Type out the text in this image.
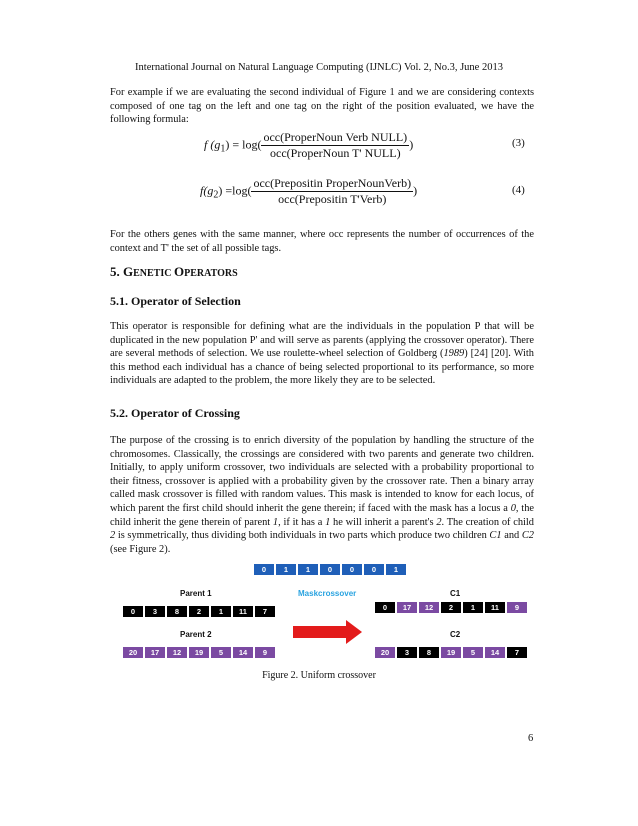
International Journal on Natural Language Computing (IJNLC) Vol. 2, No.3, June 2013

For example if we are evaluating the second individual of Figure 1 and we are considering contexts composed of one tag on the left and one tag on the right of the position evaluated, we have the following formula:

f $(g_1) = \log( \frac{\text{occ(ProperNoun Verb NULL)}}{\text{occ(ProperNoun T' NULL)}}$ )	(3)
$f(g_2) =\log( \frac{\text{occ(Prepositin ProperNounVerb)}}{\text{occ(Prepositin T'Verb)}}$ )	(4)

For the others genes with the same manner, where occ represents the number of occurrences of the context and T' the set of all possible tags.

5. GENETIC OPERATORS
5.1. Operator of Selection

This operator is responsible for defining what are the individuals in the population P that will be duplicated in the new population P' and will serve as parents (applying the crossover operator). There are several methods of selection. We use roulette-wheel selection of Goldberg (1989) [24] [20]. With this method each individual has a chance of being selected proportional to its performance, so more individuals are adapted to the problem, the more likely they are to be selected.

5.2. Operator of Crossing

The purpose of the crossing is to enrich diversity of the population by handling the structure of the chromosomes. Classically, the crossings are considered with two parents and generate two children. Initially, to apply uniform crossover, two individuals are selected with a probability proportional to their fitness, crossover is applied with a probability given by the crossover rate. Then a binary array called mask crossover is filled with random values. This mask is intended to know for each locus, of which parent the first child should inherit the gene therein; if faced with the mask has a locus a 0, the child inherit the gene therein of parent 1, if it has a 1 he will inherit a parent's 2. The creation of child 2 is symmetrically, thus dividing both individuals in two parts which produce two children C1 and C2 (see Figure 2).

0	1	1	0	0	0	1
Parent 1	Maskcrossover	C1
0	3	8	2	1	11	7	0	17	12	2	1	11	9
Parent 2	C2
20	17	12	19	5	14	9	20	3	8	19	5	14	7
Figure 2. Uniform crossover
6
